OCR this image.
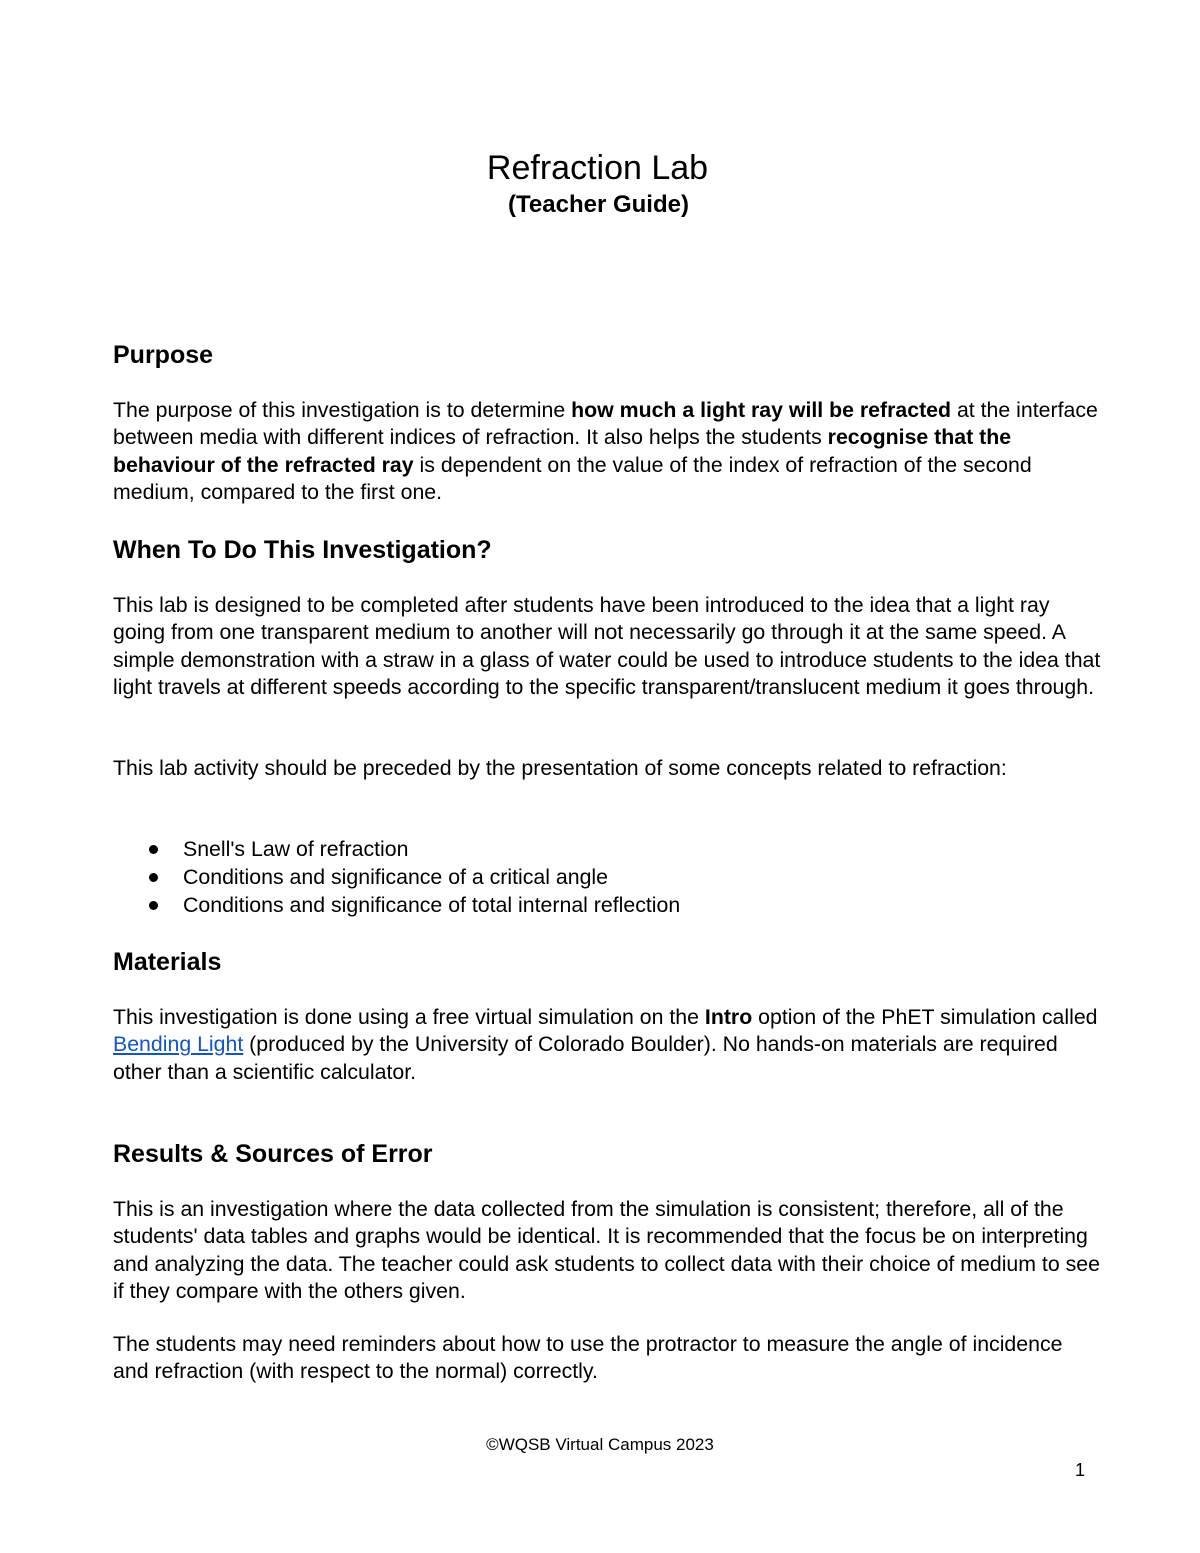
Refraction Lab
(Teacher Guide)
Purpose

The purpose of this investigation is to determine how much a light ray will be refracted at the interface between media with different indices of refraction. It also helps the students recognise that the behaviour of the refracted ray is dependent on the value of the index of refraction of the second medium, compared to the first one.

When To Do This Investigation?

This lab is designed to be completed after students have been introduced to the idea that a light ray going from one transparent medium to another will not necessarily go through it at the same speed. A simple demonstration with a straw in a glass of water could be used to introduce students to the idea that light travels at different speeds according to the specific transparent/translucent medium it goes through.

This lab activity should be preceded by the presentation of some concepts related to refraction:

Snell's Law of refraction
Conditions and significance of a critical angle
Conditions and significance of total internal reflection
Materials

This investigation is done using a free virtual simulation on the Intro option of the PhET simulation called Bending Light (produced by the University of Colorado Boulder). No hands-on materials are required other than a scientific calculator.

Results & Sources of Error

This is an investigation where the data collected from the simulation is consistent; therefore, all of the students' data tables and graphs would be identical. It is recommended that the focus be on interpreting and analyzing the data. The teacher could ask students to collect data with their choice of medium to see if they compare with the others given.

The students may need reminders about how to use the protractor to measure the angle of incidence and refraction (with respect to the normal) correctly.

©WQSB Virtual Campus 2023
1
